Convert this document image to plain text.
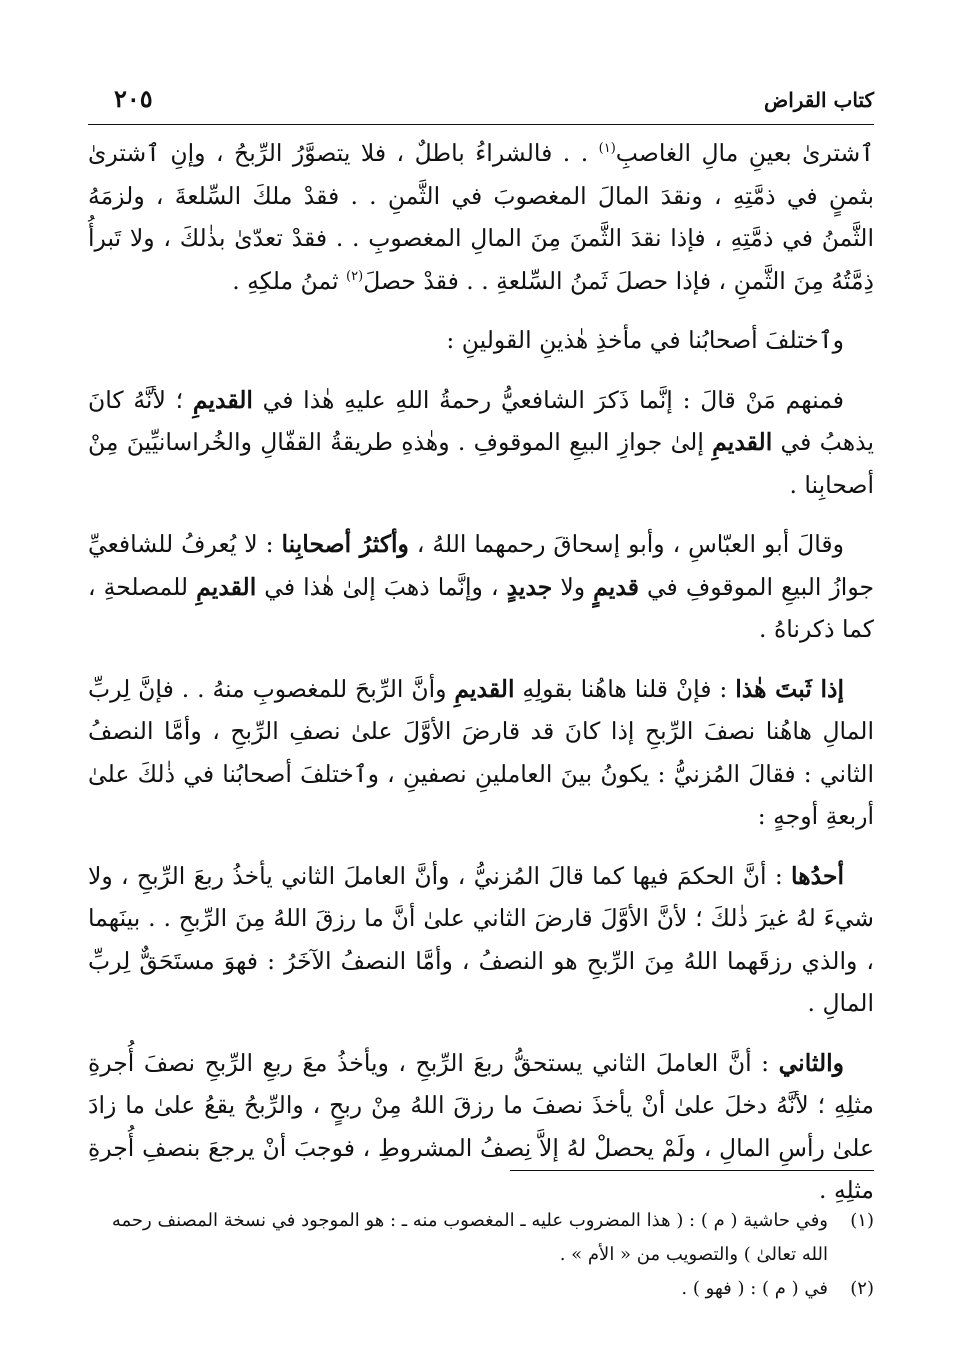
كتاب القراض
٢٠٥

ٱشترىٰ بعينِ مالِ الغاصبِ$^{(١)}$ . . فالشراءُ باطلٌ ، فلا يتصوَّرُ الرِّبحُ ، وإنِ ٱشترىٰ بثمنٍ في ذمَّتِهِ ، ونقدَ المالَ المغصوبَ في الثَّمنِ . . فقدْ ملكَ السِّلعةَ ، ولزمَهُ الثَّمنُ في ذمَّتِهِ ، فإذا نقدَ الثَّمنَ مِنَ المالِ المغصوبِ . . فقدْ تعدّىٰ بذٰلكَ ، ولا تَبرأُ ذِمَّتُهُ مِنَ الثَّمنِ ، فإذا حصلَ ثَمنُ السِّلعةِ . . فقدْ حصلَ$^{(٢)}$ ثمنُ ملكِهِ .

وٱختلفَ أصحابُنا في مأخذِ هٰذينِ القولينِ :

فمنهم مَنْ قالَ : إنَّما ذَكرَ الشافعيُّ رحمةُ اللهِ عليهِ هٰذا في القديمِ ؛ لأنَّهُ كانَ يذهبُ في القديمِ إلىٰ جوازِ البيعِ الموقوفِ . وهٰذهِ طريقةُ القفّالِ والخُراسانيِّينَ مِنْ أصحابِنا .

وقالَ أبو العبّاسِ ، وأبو إسحاقَ رحمهما اللهُ ، وأكثرُ أصحابِنا : لا يُعرفُ للشافعيِّ جوازُ البيعِ الموقوفِ في قديمٍ ولا جديدٍ ، وإنَّما ذهبَ إلىٰ هٰذا في القديمِ للمصلحةِ ، كما ذكرناهُ .

إذا ثَبتَ هٰذا : فإنْ قلنا هاهُنا بقولِهِ القديمِ وأنَّ الرِّبحَ للمغصوبِ منهُ . . فإنَّ لِربِّ المالِ هاهُنا نصفَ الرِّبحِ إذا كانَ قد قارضَ الأوَّلَ علىٰ نصفِ الرِّبحِ ، وأمَّا النصفُ الثاني : فقالَ المُزنيُّ : يكونُ بينَ العاملينِ نصفينِ ، وٱختلفَ أصحابُنا في ذٰلكَ علىٰ أربعةِ أوجهٍ :

أحدُها : أنَّ الحكمَ فيها كما قالَ المُزنيُّ ، وأنَّ العاملَ الثاني يأخذُ ربعَ الرِّبحِ ، ولا شيءَ لهُ غيرَ ذٰلكَ ؛ لأنَّ الأوَّلَ قارضَ الثاني علىٰ أنَّ ما رزقَ اللهُ مِنَ الرِّبحِ . . بينَهما ، والذي رزقَهما اللهُ مِنَ الرِّبحِ هو النصفُ ، وأمَّا النصفُ الآخَرُ : فهوَ مستَحَقٌّ لِربِّ المالِ .

والثاني : أنَّ العاملَ الثاني يستحقُّ ربعَ الرِّبحِ ، ويأخذُ معَ ربعِ الرِّبحِ نصفَ أُجرةِ مثلِهِ ؛ لأنَّهُ دخلَ علىٰ أنْ يأخذَ نصفَ ما رزقَ اللهُ مِنْ ربحٍ ، والرِّبحُ يقعُ علىٰ ما زادَ علىٰ رأسِ المالِ ، ولَمْ يحصلْ لهُ إلاَّ نِصفُ المشروطِ ، فوجبَ أنْ يرجعَ بنصفِ أُجرةِ مثلِهِ .

(١)
وفي حاشية ( م ) : ( هذا المضروب عليه ـ المغصوب منه ـ : هو الموجود في نسخة المصنف رحمه الله تعالىٰ ) والتصويب من « الأم » .
(٢)
في ( م ) : ( فهو ) .
